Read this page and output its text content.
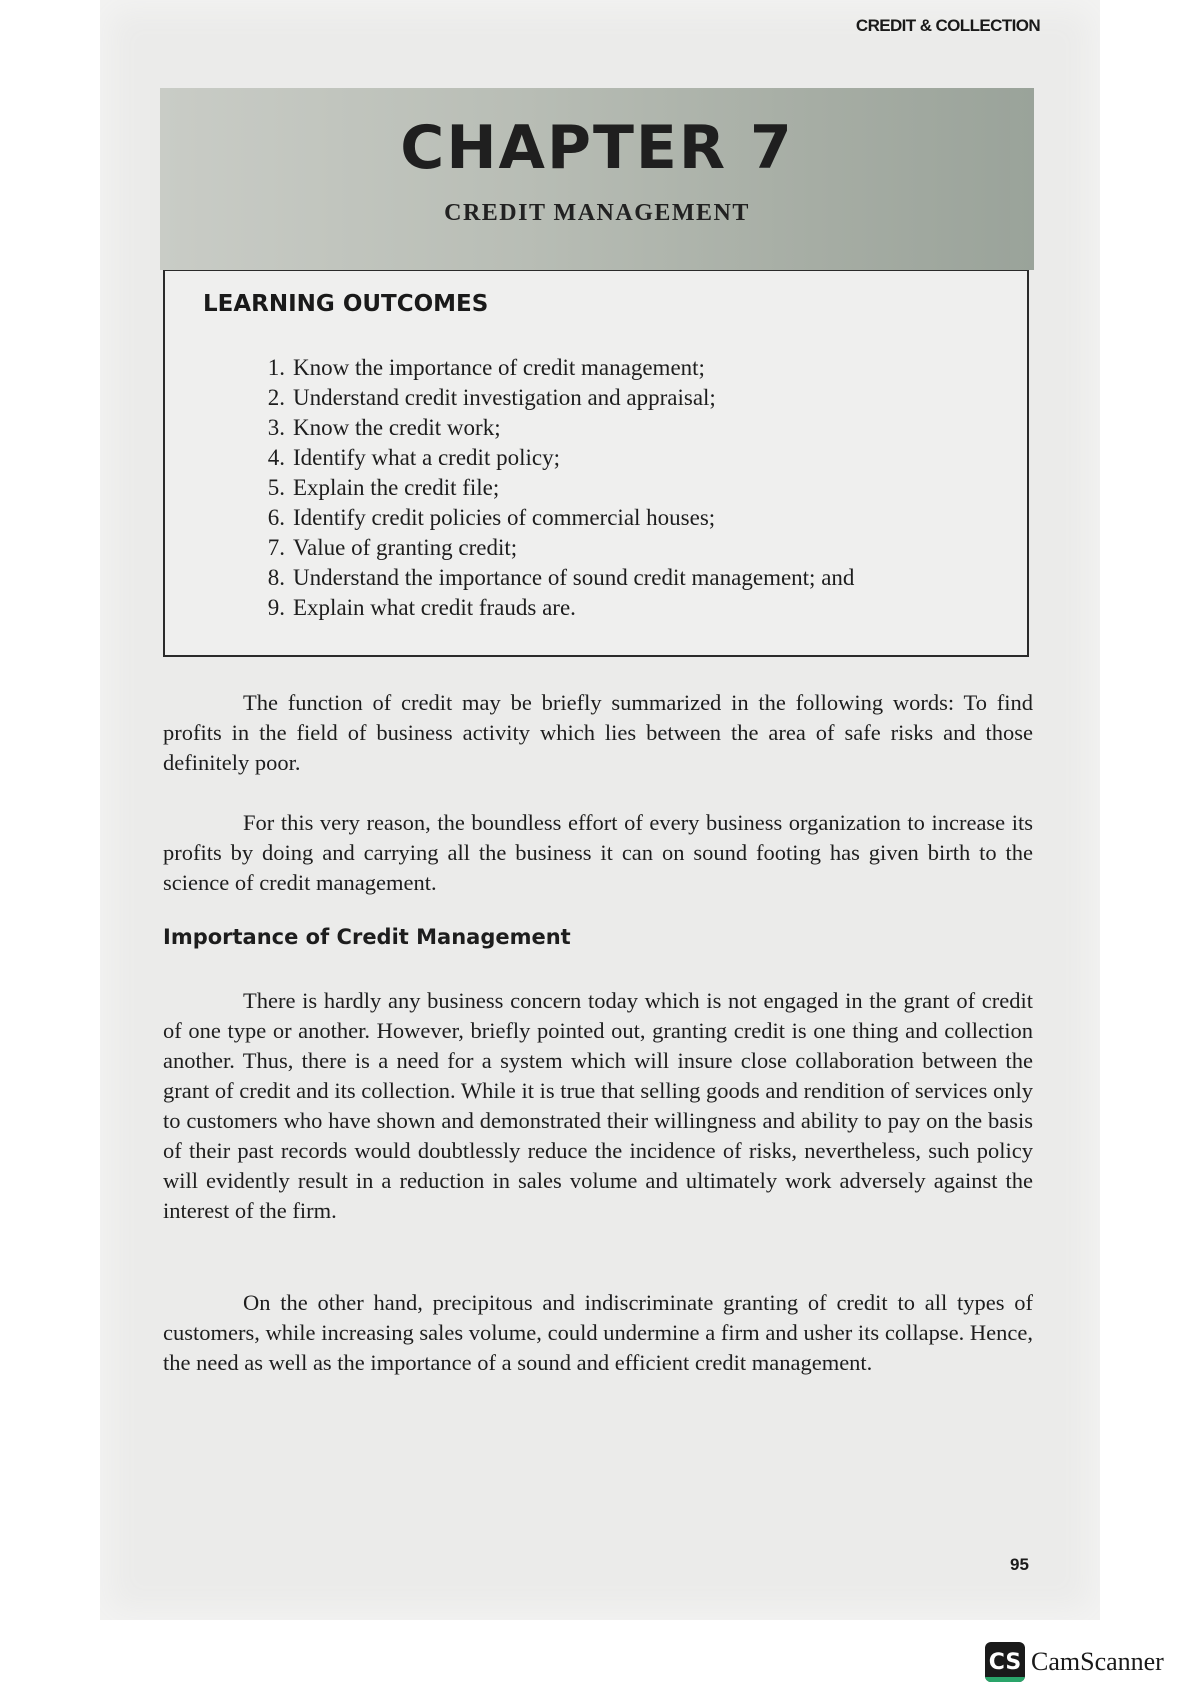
CREDIT & COLLECTION
CHAPTER 7
CREDIT MANAGEMENT
LEARNING OUTCOMES
1. Know the importance of credit management;
2. Understand credit investigation and appraisal;
3. Know the credit work;
4. Identify what a credit policy;
5. Explain the credit file;
6. Identify credit policies of commercial houses;
7. Value of granting credit;
8. Understand the importance of sound credit management; and
9. Explain what credit frauds are.

The function of credit may be briefly summarized in the following words: To find profits in the field of business activity which lies between the area of safe risks and those definitely poor.

For this very reason, the boundless effort of every business organization to increase its profits by doing and carrying all the business it can on sound footing has given birth to the science of credit management.

Importance of Credit Management

There is hardly any business concern today which is not engaged in the grant of credit of one type or another. However, briefly pointed out, granting credit is one thing and collection another. Thus, there is a need for a system which will insure close collaboration between the grant of credit and its collection. While it is true that selling goods and rendition of services only to customers who have shown and demonstrated their willingness and ability to pay on the basis of their past records would doubtlessly reduce the incidence of risks, nevertheless, such policy will evidently result in a reduction in sales volume and ultimately work adversely against the interest of the firm.

On the other hand, precipitous and indiscriminate granting of credit to all types of customers, while increasing sales volume, could undermine a firm and usher its collapse. Hence, the need as well as the importance of a sound and efficient credit management.

95
CS CamScanner
